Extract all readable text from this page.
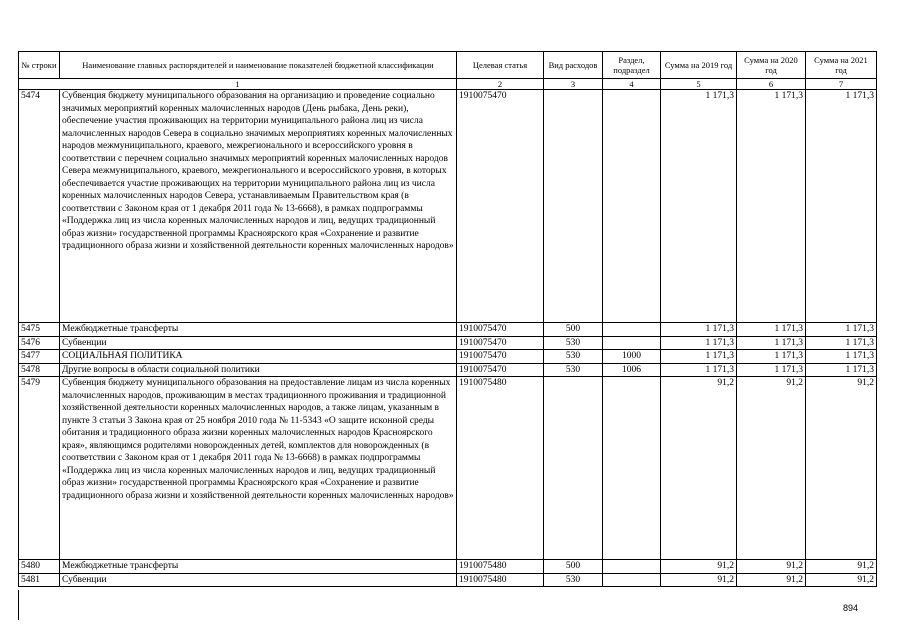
№ строки	Наименование главных распорядителей и наименование показателей бюджетной классификации	Целевая статья	Вид расходов	Раздел, подраздел	Сумма на 2019 год	Сумма на 2020 год	Сумма на 2021 год
1		2	3	4	5	6	7
5474	Субвенция бюджету муниципального образования на организацию и проведение социально значимых мероприятий коренных малочисленных народов (День рыбака, День реки), обеспечение участия проживающих на территории муниципального района лиц из числа малочисленных народов Севера в социально значимых мероприятиях коренных малочисленных народов межмуниципального, краевого, межрегионального и всероссийского уровня в соответствии с перечнем социально значимых мероприятий коренных малочисленных народов Севера межмуниципального, краевого, межрегионального и всероссийского уровня, в которых обеспечивается участие проживающих на территории муниципального района лиц из числа коренных малочисленных народов Севера, устанавливаемым Правительством края (в соответствии с Законом края от 1 декабря 2011 года № 13-6668), в рамках подпрограммы «Поддержка лиц из числа коренных малочисленных народов и лиц, ведущих традиционный образ жизни» государственной программы Красноярского края «Сохранение и развитие традиционного образа жизни и хозяйственной деятельности коренных малочисленных народов»	1910075470			1 171,3	1 171,3	1 171,3
5475	Межбюджетные трансферты	1910075470	500		1 171,3	1 171,3	1 171,3
5476	Субвенции	1910075470	530		1 171,3	1 171,3	1 171,3
5477	СОЦИАЛЬНАЯ ПОЛИТИКА	1910075470	530	1000	1 171,3	1 171,3	1 171,3
5478	Другие вопросы в области социальной политики	1910075470	530	1006	1 171,3	1 171,3	1 171,3
5479	Субвенция бюджету муниципального образования на предоставление лицам из числа коренных малочисленных народов, проживающим в местах традиционного проживания и традиционной хозяйственной деятельности коренных малочисленных народов, а также лицам, указанным в пункте 3 статьи 3 Закона края от 25 ноября 2010 года № 11-5343 «О защите исконной среды обитания и традиционного образа жизни коренных малочисленных народов Красноярского края», являющимся родителями новорожденных детей, комплектов для новорожденных (в соответствии с Законом края от 1 декабря 2011 года № 13-6668) в рамках подпрограммы «Поддержка лиц из числа коренных малочисленных народов и лиц, ведущих традиционный образ жизни» государственной программы Красноярского края «Сохранение и развитие традиционного образа жизни и хозяйственной деятельности коренных малочисленных народов»	1910075480			91,2	91,2	91,2
5480	Межбюджетные трансферты	1910075480	500		91,2	91,2	91,2
5481	Субвенции	1910075480	530		91,2	91,2	91,2
894
